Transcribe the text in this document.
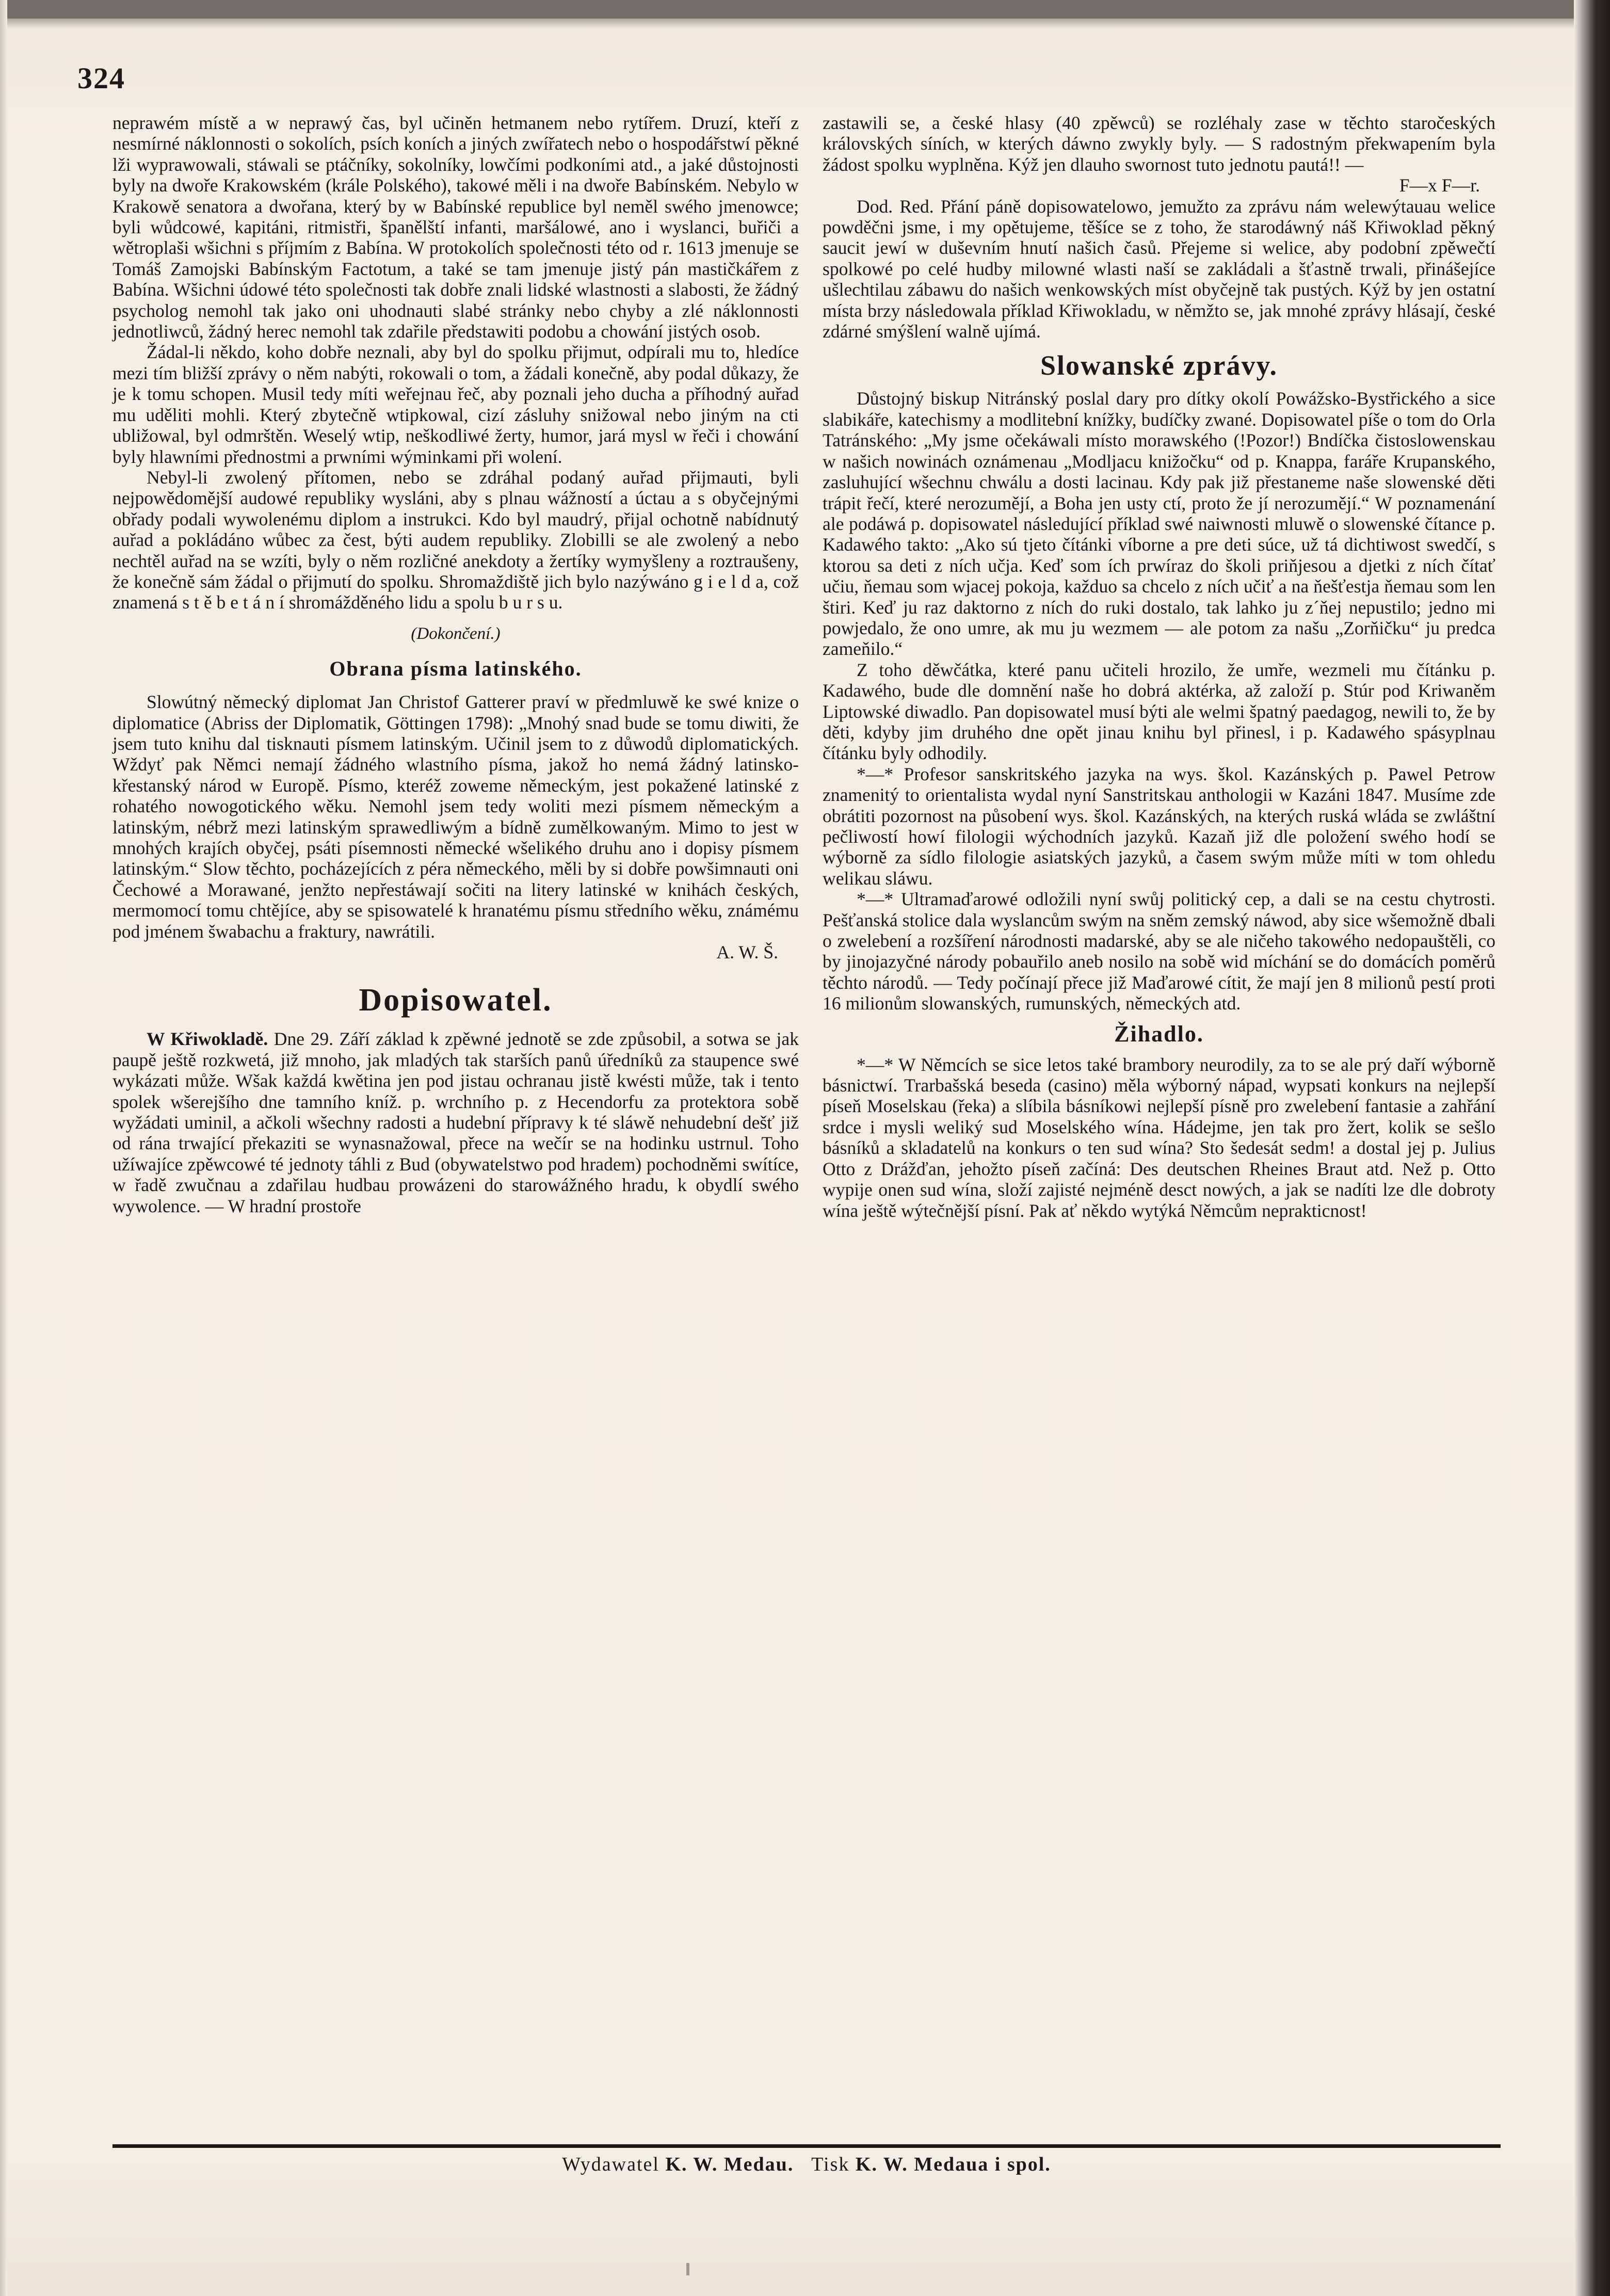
324

neprawém místě a w neprawý čas, byl učiněn hetmanem nebo rytířem. Druzí, kteří z nesmírné náklonnosti o sokolích, psích koních a jiných zwířatech nebo o hospodářstwí pěkné lži wyprawowali, stáwali se ptáčníky, sokolníky, lowčími podkoními atd., a jaké důstojnosti byly na dwoře Krakowském (krále Polského), takowé měli i na dwoře Babínském. Nebylo w Krakowě senatora a dwořana, který by w Babínské republice byl neměl swého jmenowce; byli wůdcowé, kapitáni, ritmistři, španělští infanti, maršálowé, ano i wyslanci, buřiči a wětroplaši wšichni s příjmím z Babína. W protokolích společnosti této od r. 1613 jmenuje se Tomáš Zamojski Babínským Factotum, a také se tam jmenuje jistý pán mastičkářem z Babína. Wšichni údowé této společnosti tak dobře znali lidské wlastnosti a slabosti, že žádný psycholog nemohl tak jako oni uhodnauti slabé stránky nebo chyby a zlé náklonnosti jednotliwců, žádný herec nemohl tak zdařile předstawiti podobu a chowání jistých osob.

Žádal-li někdo, koho dobře neznali, aby byl do spolku přijmut, odpírali mu to, hledíce mezi tím bližší zprávy o něm nabýti, rokowali o tom, a žádali konečně, aby podal důkazy, že je k tomu schopen. Musil tedy míti weřejnau řeč, aby poznali jeho ducha a příhodný auřad mu uděliti mohli. Který zbytečně wtipkowal, cizí zásluhy snižowal nebo jiným na cti ubližowal, byl odmrštěn. Weselý wtip, neškodliwé žerty, humor, jará mysl w řeči i chowání byly hlawními přednostmi a prwními wýminkami při wolení.

Nebyl-li zwolený přítomen, nebo se zdráhal podaný auřad přijmauti, byli nejpowědomější audowé republiky wysláni, aby s plnau wážností a úctau a s obyčejnými obřady podali wywolenému diplom a instrukci. Kdo byl maudrý, přijal ochotně nabídnutý auřad a pokládáno wůbec za čest, býti audem republiky. Zlobilli se ale zwolený a nebo nechtěl auřad na se wzíti, byly o něm rozličné anekdoty a žertíky wymyšleny a roztraušeny, že konečně sám žádal o přijmutí do spolku. Shromaždiště jich bylo nazýwáno g i e l d a, což znamená s t ě b e t á n í shromážděného lidu a spolu b u r s u.

(Dokončení.)

Obrana písma latinského.

Slowútný německý diplomat Jan Christof Gatterer praví w předmluwě ke swé knize o diplomatice (Abriss der Diplomatik, Göttingen 1798): „Mnohý snad bude se tomu diwiti, že jsem tuto knihu dal tisknauti písmem latinským. Učinil jsem to z důwodů diplomatických. Wždyť pak Němci nemají žádného wlastního písma, jakož ho nemá žádný latinsko-křestanský národ w Europě. Písmo, kteréž zoweme německým, jest pokažené latinské z rohatého nowogotického wěku. Nemohl jsem tedy woliti mezi písmem německým a latinským, nébrž mezi latinským sprawedliwým a bídně zumělkowaným. Mimo to jest w mnohých krajích obyčej, psáti písemnosti německé wšelikého druhu ano i dopisy písmem latinským.“ Slow těchto, pocházejících z péra německého, měli by si dobře powšimnauti oni Čechowé a Morawané, jenžto nepřestáwají sočiti na litery latinské w knihách českých, mermomocí tomu chtějíce, aby se spisowatelé k hranatému písmu středního wěku, známému pod jménem šwabachu a fraktury, nawrátili.

A. W. Š.

Dopisowatel.

W Křiwokladě. Dne 29. Září základ k zpěwné jednotě se zde způsobil, a sotwa se jak paupě ještě rozkwetá, již mnoho, jak mladých tak starších panů úředníků za staupence swé wykázati může. Wšak každá kwětina jen pod jistau ochranau jistě kwésti může, tak i tento spolek wšerejšího dne tamního kníž. p. wrchního p. z Hecendorfu za protektora sobě wyžádati uminil, a ačkoli wšechny radosti a hudební přípravy k té sláwě nehudební dešť již od rána trwající překaziti se wynasnažowal, přece na wečír se na hodinku ustrnul. Toho užíwajíce zpěwcowé té jednoty táhli z Bud (obywatelstwo pod hradem) pochodněmi swítíce, w řadě zwučnau a zdařilau hudbau prowázeni do starowážného hradu, k obydlí swého wywolence. — W hradní prostoře

zastawili se, a české hlasy (40 zpěwců) se rozléhaly zase w těchto staročeských královských síních, w kterých dáwno zwykly byly. — S radostným překwapením byla žádost spolku wyplněna. Kýž jen dlauho swornost tuto jednotu pautá!! —

F—x F—r.

Dod. Red. Přání páně dopisowatelowo, jemužto za zprávu nám welewýtauau welice powděčni jsme, i my opětujeme, těšíce se z toho, že starodáwný náš Křiwoklad pěkný saucit jewí w duševním hnutí našich časů. Přejeme si welice, aby podobní zpěwečtí spolkowé po celé hudby milowné wlasti naší se zakládali a šťastně trwali, přinášejíce ušlechtilau zábawu do našich wenkowských míst obyčejně tak pustých. Kýž by jen ostatní místa brzy následowala příklad Křiwokladu, w němžto se, jak mnohé zprávy hlásají, české zdárné smýšlení walně ujímá.

Slowanské zprávy.

Důstojný biskup Nitránský poslal dary pro dítky okolí Powážsko-Bystřického a sice slabikáře, katechismy a modlitební knížky, budíčky zwané. Dopisowatel píše o tom do Orla Tatránského: „My jsme očekáwali místo morawského (!Pozor!) Bndíčka čistoslowenskau w našich nowinách oznámenau „Modljacu knižočku“ od p. Knappa, faráře Krupanského, zasluhující wšechnu chwálu a dosti lacinau. Kdy pak již přestaneme naše slowenské děti trápit řečí, které nerozumějí, a Boha jen usty ctí, proto že jí nerozumějí.“ W poznamenání ale podáwá p. dopisowatel následující příklad swé naiwnosti mluwě o slowenské čítance p. Kadawého takto: „Ako sú tjeto čítánki víborne a pre deti súce, už tá dichtiwost swedčí, s ktorou sa deti z ních učja. Keď som ích prwíraz do školi priňjesou a djetki z ních čítať učiu, ňemau som wjacej pokoja, každuo sa chcelo z ních učiť a na ňešťestja ňemau som len štiri. Keď ju raz daktorno z ních do ruki dostalo, tak lahko ju z´ňej nepustilo; jedno mi powjedalo, že ono umre, ak mu ju wezmem — ale potom za našu „Zorňičku“ ju predca zameňilo.“

Z toho děwčátka, které panu učiteli hrozilo, že umře, wezmeli mu čítánku p. Kadawého, bude dle domnění naše ho dobrá aktérka, až založí p. Stúr pod Kriwaněm Liptowské diwadlo. Pan dopisowatel musí býti ale welmi špatný paedagog, newili to, že by děti, kdyby jim druhého dne opět jinau knihu byl přinesl, i p. Kadawého spásyplnau čítánku byly odhodily.

*—* Profesor sanskritského jazyka na wys. škol. Kazánských p. Pawel Petrow znamenitý to orientalista wydal nyní Sanstritskau anthologii w Kazáni 1847. Musíme zde obrátiti pozornost na působení wys. škol. Kazánských, na kterých ruská wláda se zwláštní pečliwostí howí filologii wýchodních jazyků. Kazaň již dle položení swého hodí se wýborně za sídlo filologie asiatských jazyků, a časem swým může míti w tom ohledu welikau sláwu.

*—* Ultramaďarowé odložili nyní swůj politický cep, a dali se na cestu chytrosti. Pešťanská stolice dala wyslancům swým na sněm zemský náwod, aby sice wšemožně dbali o zwelebení a rozšíření národnosti madarské, aby se ale ničeho takowého nedopauštěli, co by jinojazyčné národy pobauřilo aneb nosilo na sobě wid míchání se do domácích poměrů těchto národů. — Tedy počínají přece již Maďarowé cítit, že mají jen 8 milionů pestí proti 16 milionům slowanských, rumunských, německých atd.

Žihadlo.

*—* W Němcích se sice letos také brambory neurodily, za to se ale prý daří wýborně básnictwí. Trarbašská beseda (casino) měla wýborný nápad, wypsati konkurs na nejlepší píseň Moselskau (řeka) a slíbila básníkowi nejlepší písně pro zwelebení fantasie a zahřání srdce i mysli weliký sud Moselského wína. Hádejme, jen tak pro žert, kolik se sešlo básníků a skladatelů na konkurs o ten sud wína? Sto šedesát sedm! a dostal jej p. Julius Otto z Drážďan, jehožto píseň začíná: Des deutschen Rheines Braut atd. Než p. Otto wypije onen sud wína, složí zajisté nejméně desct nowých, a jak se nadíti lze dle dobroty wína ještě wýtečnější písní. Pak ať někdo wytýká Němcům neprakticnost!

Wydawatel K. W. Medau. Tisk K. W. Medaua i spol.
